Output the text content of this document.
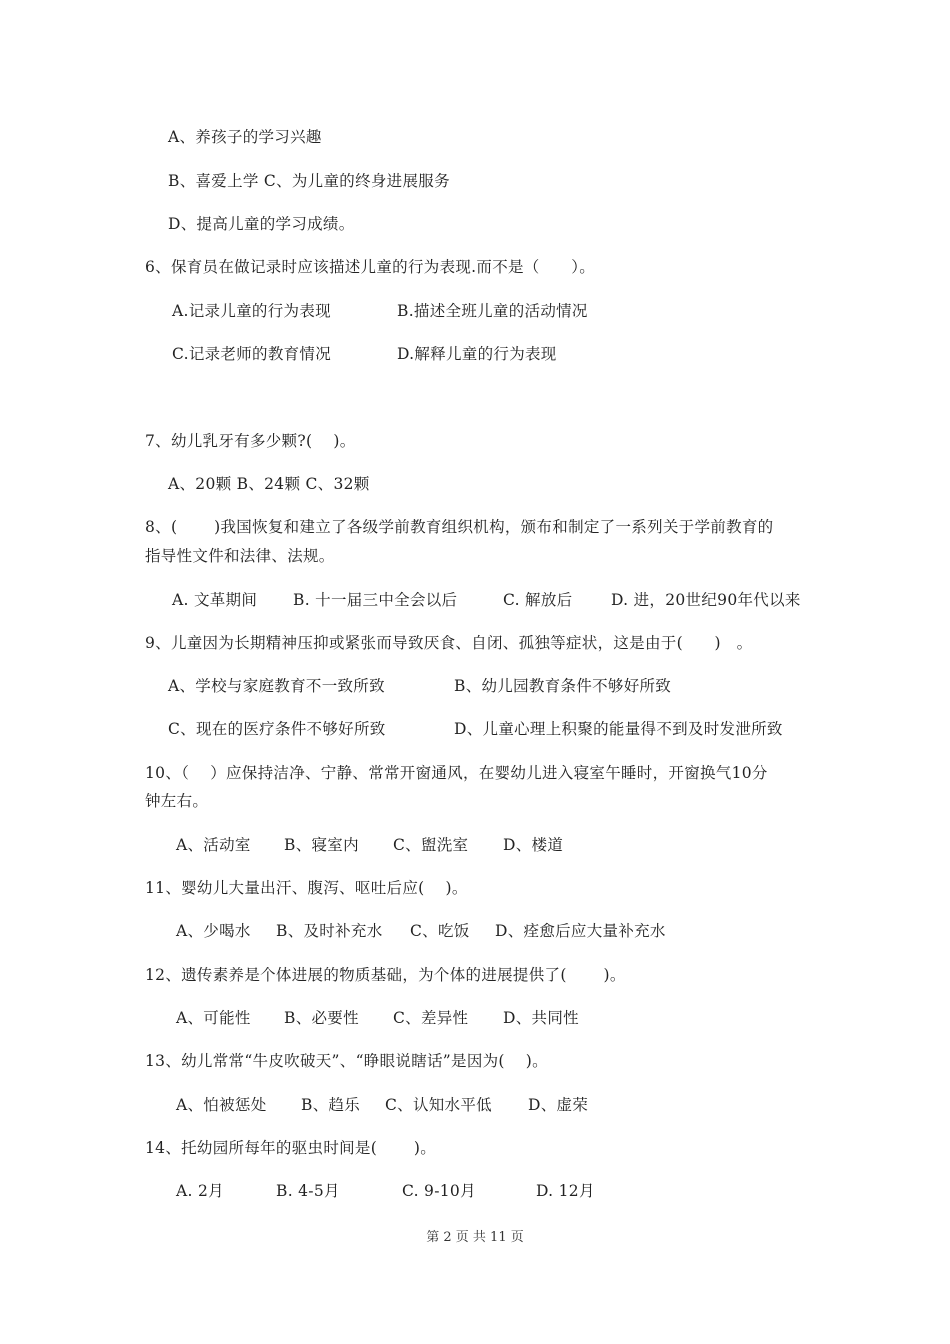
A、养孩子的学习兴趣
B、喜爱上学 C、为儿童的终身进展服务
D、提高儿童的学习成绩。
6、保育员在做记录时应该描述儿童的行为表现.而不是（　　）。
A.记录儿童的行为表现	B.描述全班儿童的活动情况
C.记录老师的教育情况	D.解释儿童的行为表现
7、幼儿乳牙有多少颗?(　 )。
A、20颗 B、24颗 C、32颗
8、(　　 )我国恢复和建立了各级学前教育组织机构，颁布和制定了一系列关于学前教育的
指导性文件和法律、法规。
A. 文革期间 B. 十一届三中全会以后	C. 解放后 D. 进，20世纪90年代以来
9、儿童因为长期精神压抑或紧张而导致厌食、自闭、孤独等症状，这是由于(　　)　。
A、学校与家庭教育不一致所致	B、幼儿园教育条件不够好所致
C、现在的医疗条件不够好所致	D、儿童心理上积聚的能量得不到及时发泄所致
10、（　 ）应保持洁净、宁静、常常开窗通风，在婴幼儿进入寝室午睡时，开窗换气10分
钟左右。
A、活动室 B、寝室内 C、盥洗室 D、楼道
11、婴幼儿大量出汗、腹泻、呕吐后应(　 )。
A、少喝水 B、及时补充水 C、吃饭 D、痊愈后应大量补充水
12、遗传素养是个体进展的物质基础，为个体的进展提供了(　　 )。
A、可能性 B、必要性 C、差异性 D、共同性
13、幼儿常常“牛皮吹破天”、“睁眼说瞎话”是因为(　 )。
A、怕被惩处 B、趋乐 C、认知水平低 D、虚荣
14、托幼园所每年的驱虫时间是(　　 )。
A. 2月	B. 4-5月	C. 9-10月	D. 12月
第 2 页 共 11 页
